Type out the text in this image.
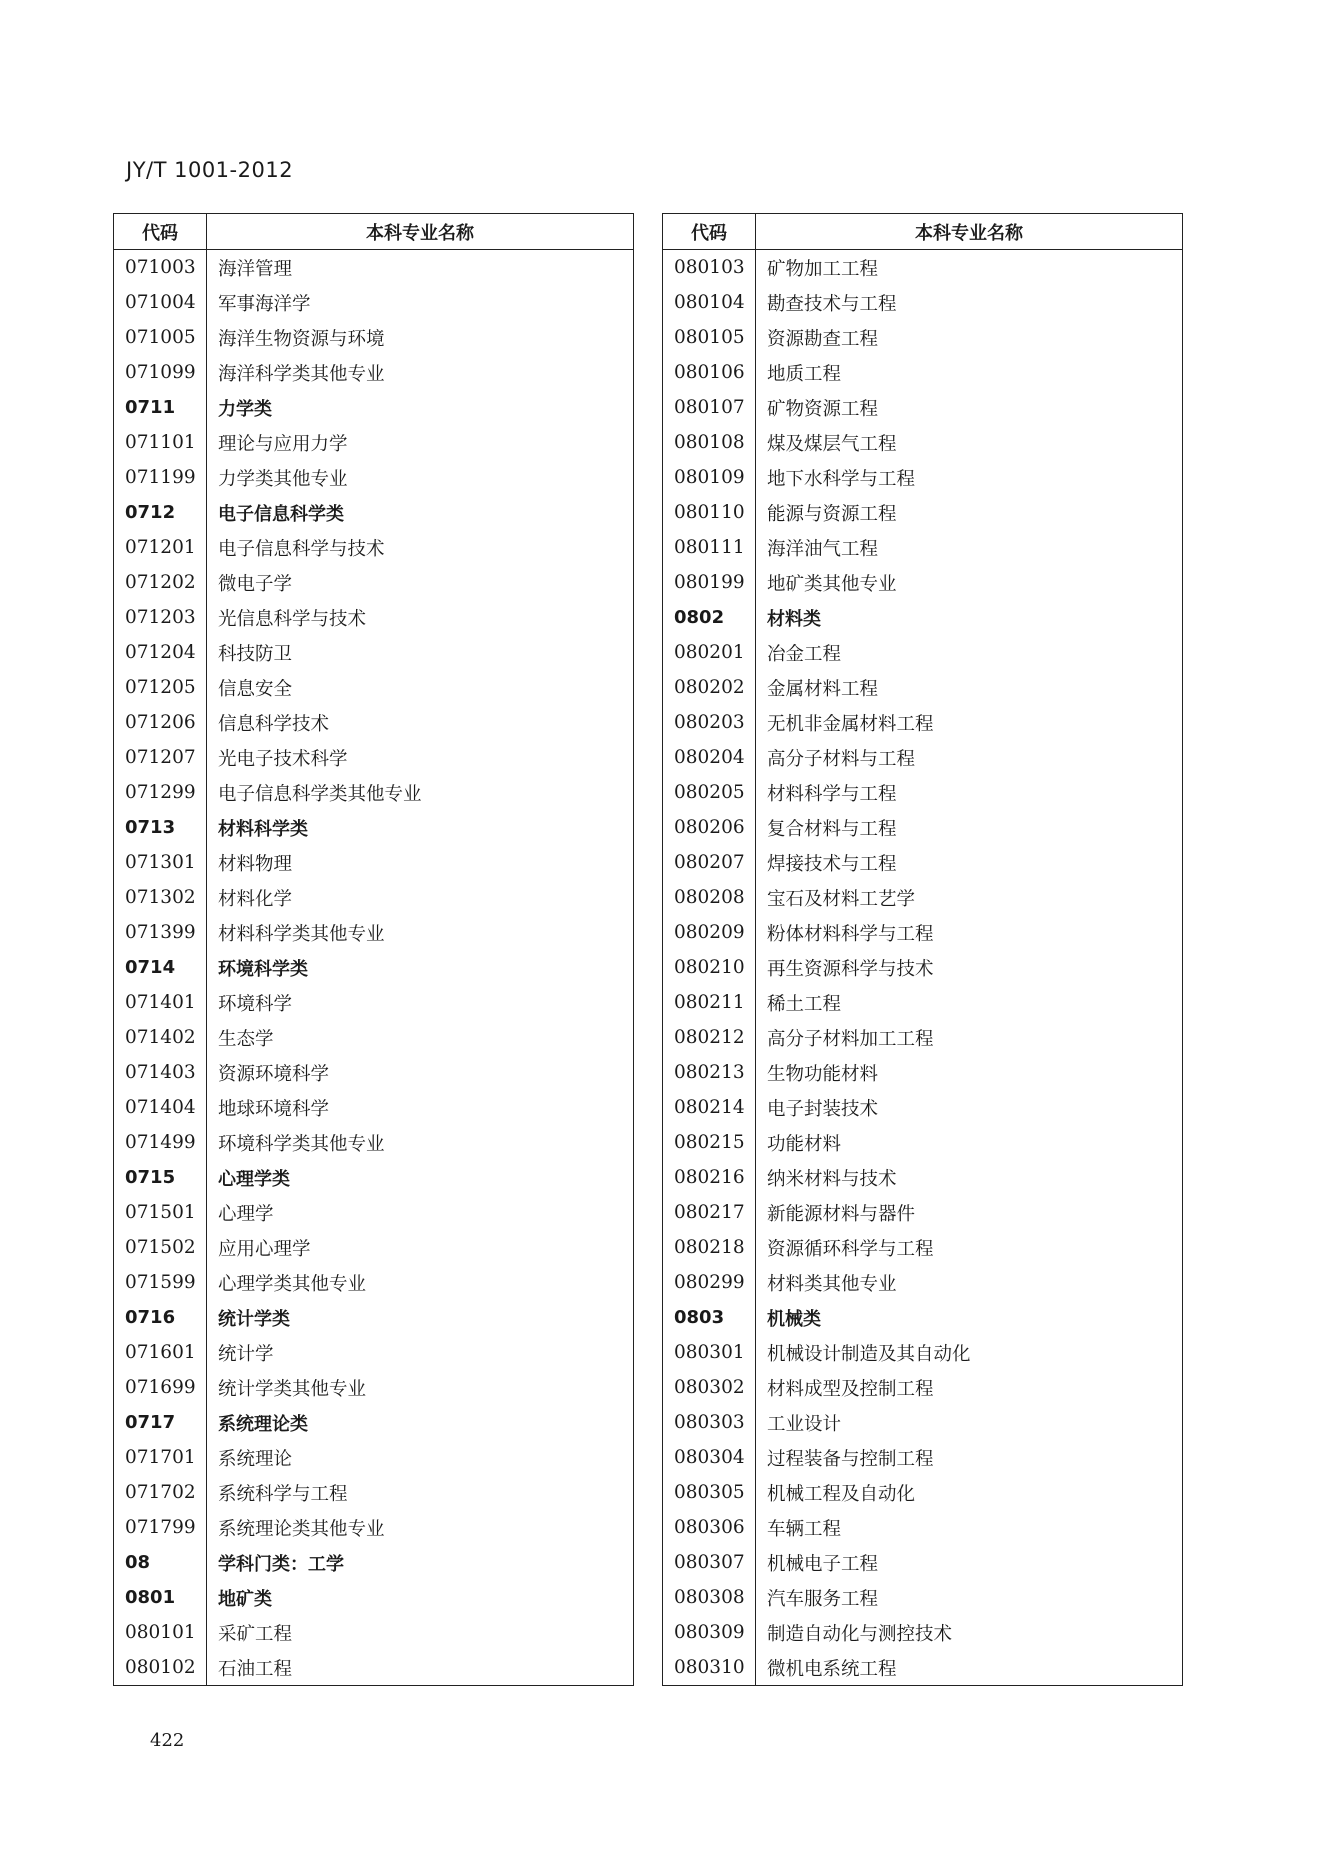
JY/T 1001-2012
代码	本科专业名称
071003	海洋管理
071004	军事海洋学
071005	海洋生物资源与环境
071099	海洋科学类其他专业
0711	力学类
071101	理论与应用力学
071199	力学类其他专业
0712	电子信息科学类
071201	电子信息科学与技术
071202	微电子学
071203	光信息科学与技术
071204	科技防卫
071205	信息安全
071206	信息科学技术
071207	光电子技术科学
071299	电子信息科学类其他专业
0713	材料科学类
071301	材料物理
071302	材料化学
071399	材料科学类其他专业
0714	环境科学类
071401	环境科学
071402	生态学
071403	资源环境科学
071404	地球环境科学
071499	环境科学类其他专业
0715	心理学类
071501	心理学
071502	应用心理学
071599	心理学类其他专业
0716	统计学类
071601	统计学
071699	统计学类其他专业
0717	系统理论类
071701	系统理论
071702	系统科学与工程
071799	系统理论类其他专业
08	学科门类：工学
0801	地矿类
080101	采矿工程
080102	石油工程
代码	本科专业名称
080103	矿物加工工程
080104	勘查技术与工程
080105	资源勘查工程
080106	地质工程
080107	矿物资源工程
080108	煤及煤层气工程
080109	地下水科学与工程
080110	能源与资源工程
080111	海洋油气工程
080199	地矿类其他专业
0802	材料类
080201	冶金工程
080202	金属材料工程
080203	无机非金属材料工程
080204	高分子材料与工程
080205	材料科学与工程
080206	复合材料与工程
080207	焊接技术与工程
080208	宝石及材料工艺学
080209	粉体材料科学与工程
080210	再生资源科学与技术
080211	稀土工程
080212	高分子材料加工工程
080213	生物功能材料
080214	电子封装技术
080215	功能材料
080216	纳米材料与技术
080217	新能源材料与器件
080218	资源循环科学与工程
080299	材料类其他专业
0803	机械类
080301	机械设计制造及其自动化
080302	材料成型及控制工程
080303	工业设计
080304	过程装备与控制工程
080305	机械工程及自动化
080306	车辆工程
080307	机械电子工程
080308	汽车服务工程
080309	制造自动化与测控技术
080310	微机电系统工程
422
